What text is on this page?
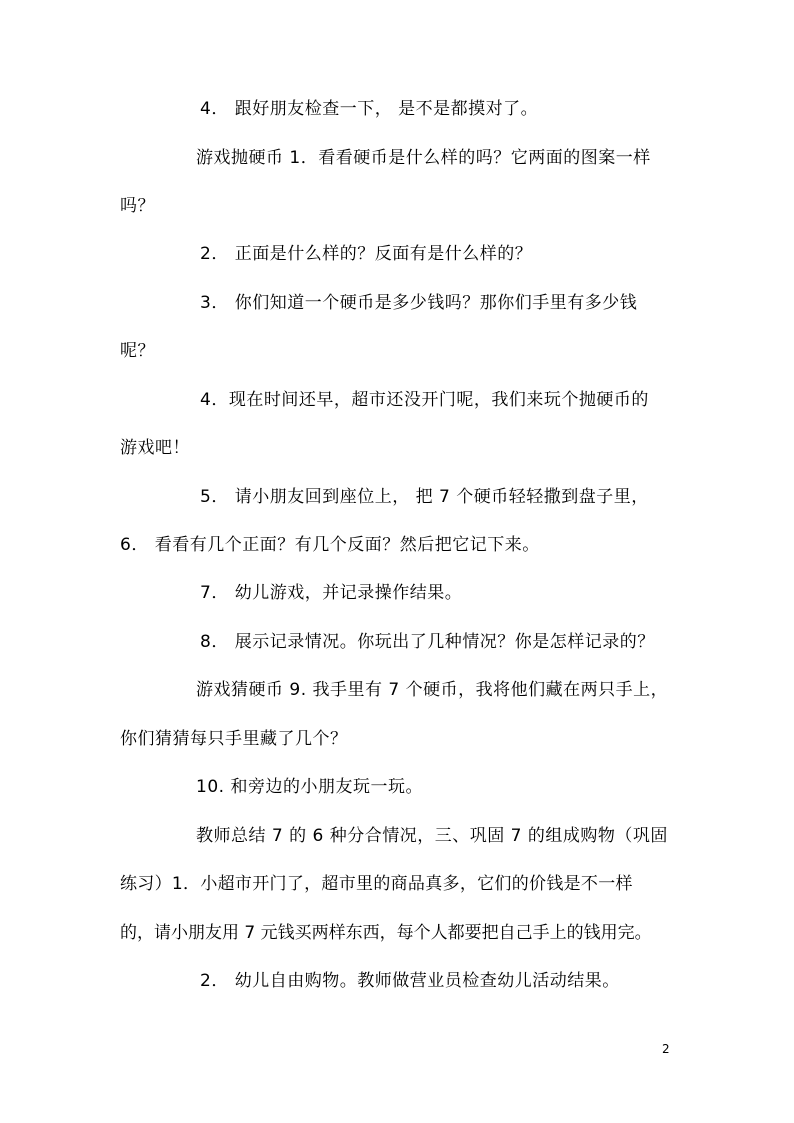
4． 跟好朋友检查一下， 是不是都摸对了。
游戏抛硬币 1．看看硬币是什么样的吗？它两面的图案一样
吗？
2． 正面是什么样的？反面有是什么样的？
3． 你们知道一个硬币是多少钱吗？那你们手里有多少钱
呢？
4．现在时间还早，超市还没开门呢，我们来玩个抛硬币的
游戏吧！
5． 请小朋友回到座位上， 把 7 个硬币轻轻撒到盘子里，
6． 看看有几个正面？有几个反面？然后把它记下来。
7． 幼儿游戏，并记录操作结果。
8． 展示记录情况。你玩出了几种情况？你是怎样记录的？
游戏猜硬币 9. 我手里有 7 个硬币，我将他们藏在两只手上，
你们猜猜每只手里藏了几个？
10. 和旁边的小朋友玩一玩。
教师总结 7 的 6 种分合情况，三、巩固 7 的组成购物（巩固
练习）1．小超市开门了，超市里的商品真多，它们的价钱是不一样
的，请小朋友用 7 元钱买两样东西，每个人都要把自己手上的钱用完。
2． 幼儿自由购物。教师做营业员检查幼儿活动结果。
2
